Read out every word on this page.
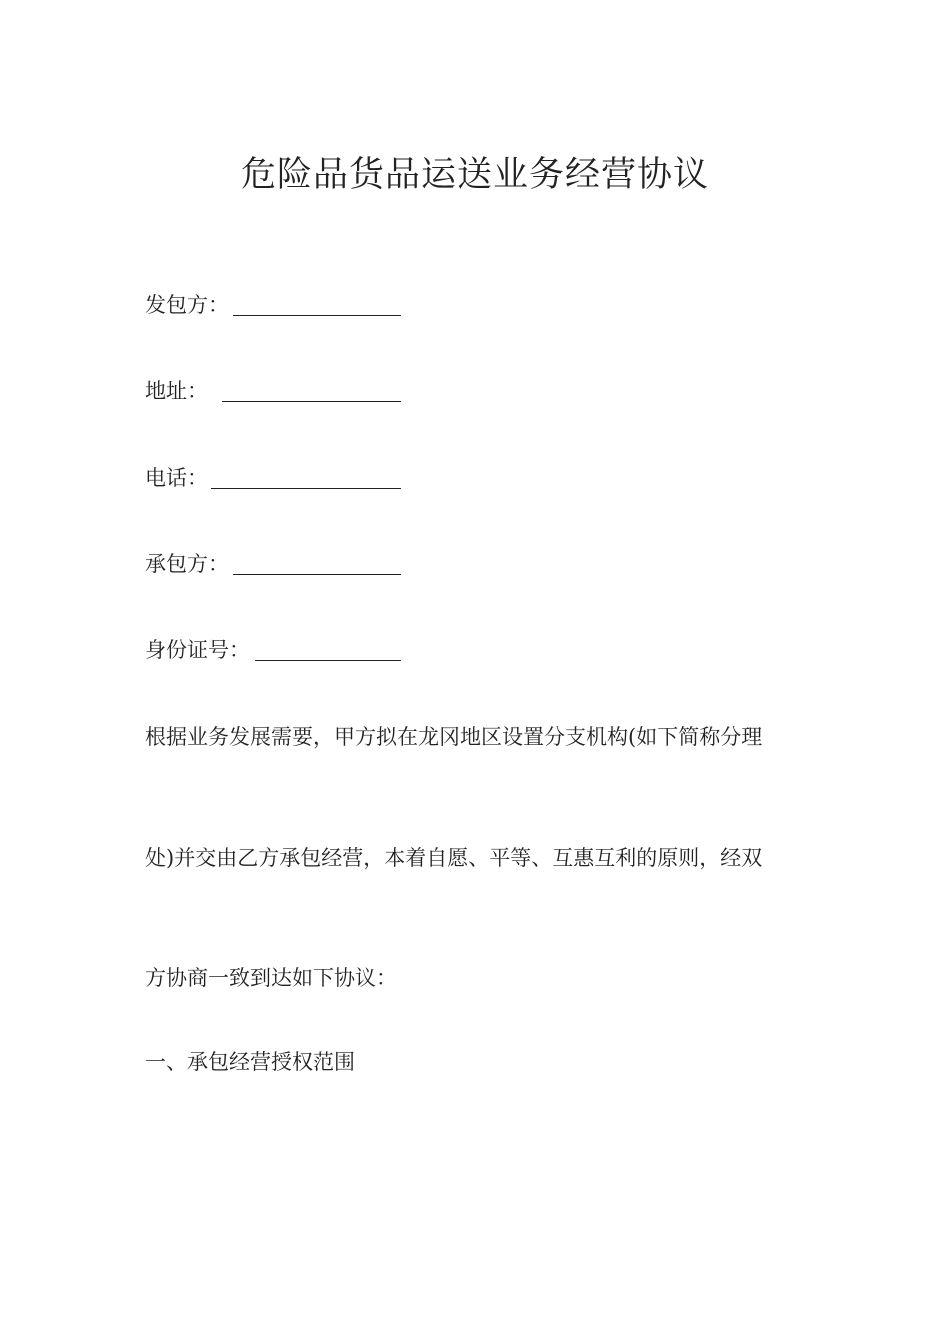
危险品货品运送业务经营协议
发包方：
地址：
电话：
承包方：
身份证号：

根据业务发展需要，甲方拟在龙冈地区设置分支机构(如下简称分理

处)并交由乙方承包经营，本着自愿、平等、互惠互利的原则，经双

方协商一致到达如下协议：

一、承包经营授权范围
